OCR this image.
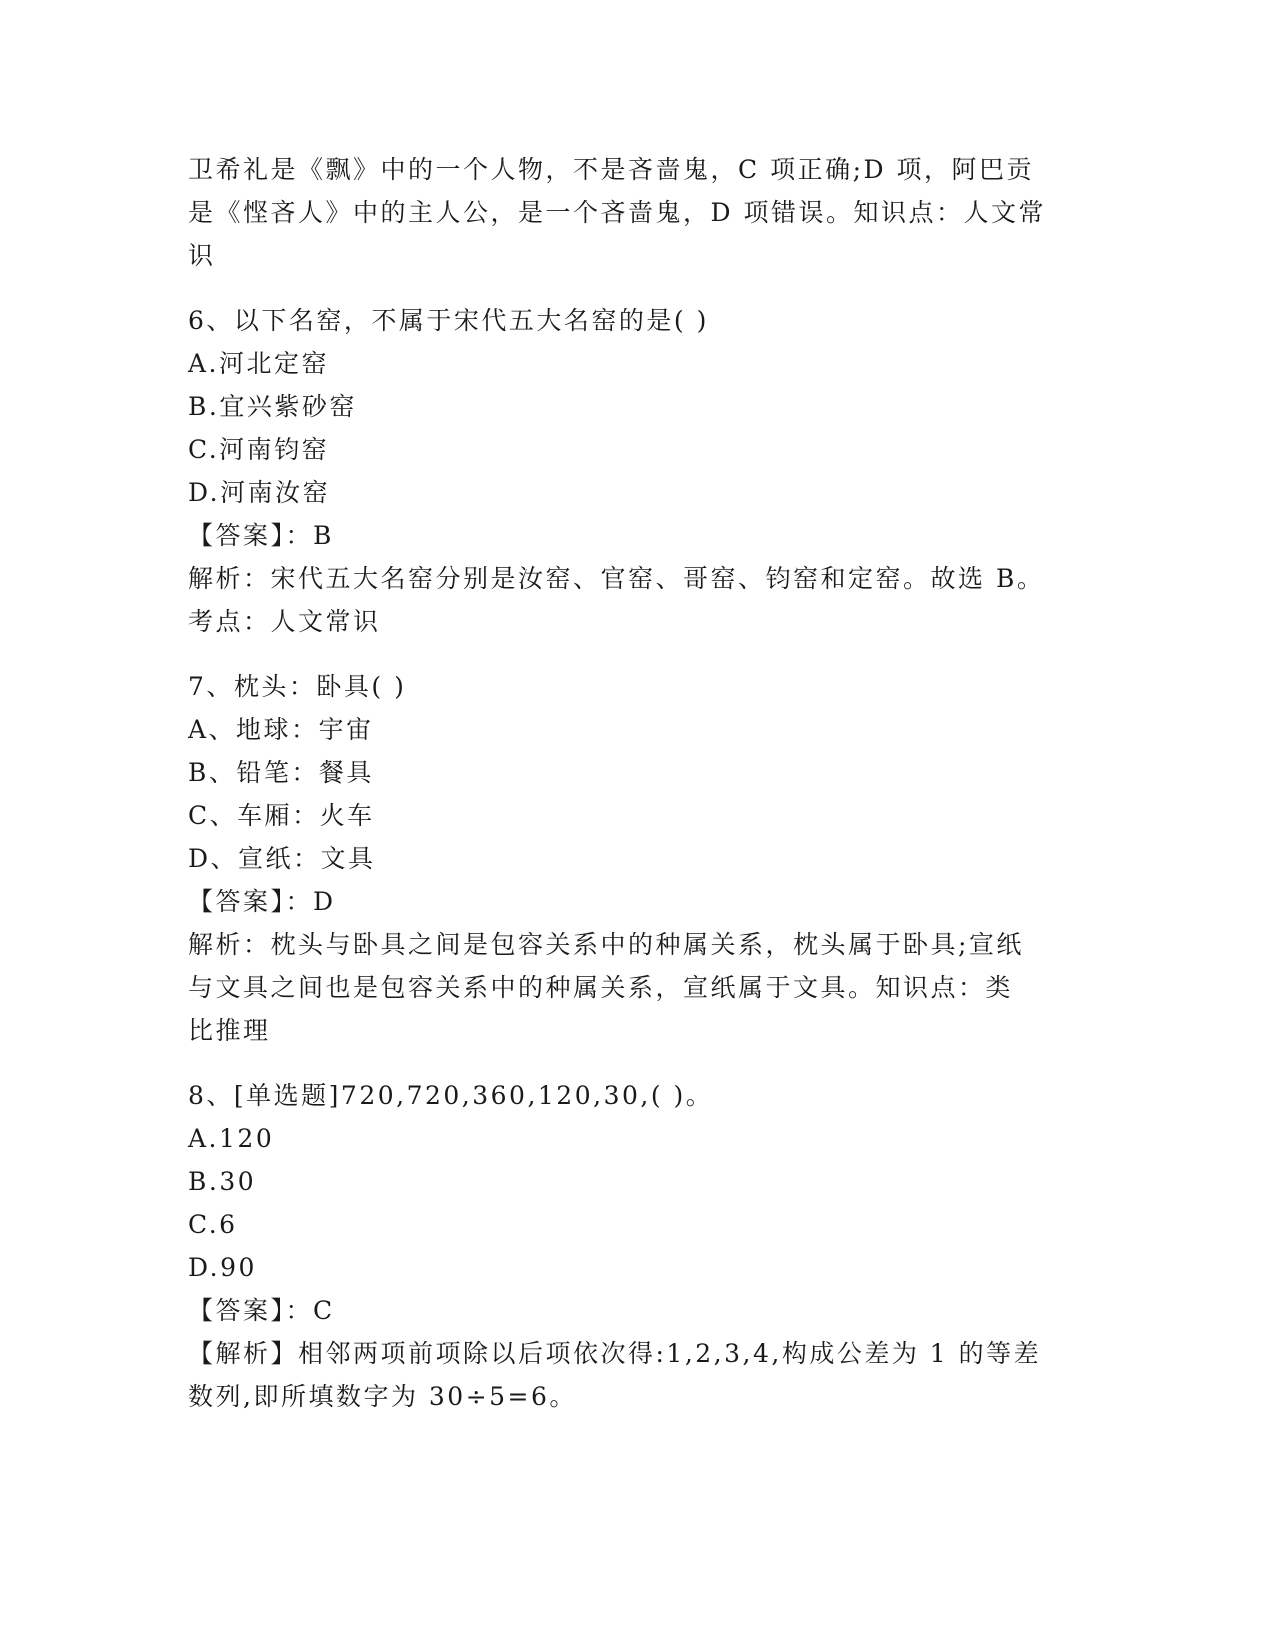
卫希礼是《飘》中的一个人物，不是吝啬鬼，C 项正确;D 项，阿巴贡
是《悭吝人》中的主人公，是一个吝啬鬼，D 项错误。知识点：人文常
识
6、以下名窑，不属于宋代五大名窑的是( )
A.河北定窑
B.宜兴紫砂窑
C.河南钧窑
D.河南汝窑
【答案】：B
解析：宋代五大名窑分别是汝窑、官窑、哥窑、钧窑和定窑。故选 B。
考点：人文常识
7、枕头：卧具( )
A、地球：宇宙
B、铅笔：餐具
C、车厢：火车
D、宣纸：文具
【答案】：D
解析：枕头与卧具之间是包容关系中的种属关系，枕头属于卧具;宣纸
与文具之间也是包容关系中的种属关系，宣纸属于文具。知识点：类
比推理
8、[单选题]720,720,360,120,30,( )。
A.120
B.30
C.6
D.90
【答案】：C
【解析】相邻两项前项除以后项依次得:1,2,3,4,构成公差为 1 的等差
数列,即所填数字为 30÷5=6。
